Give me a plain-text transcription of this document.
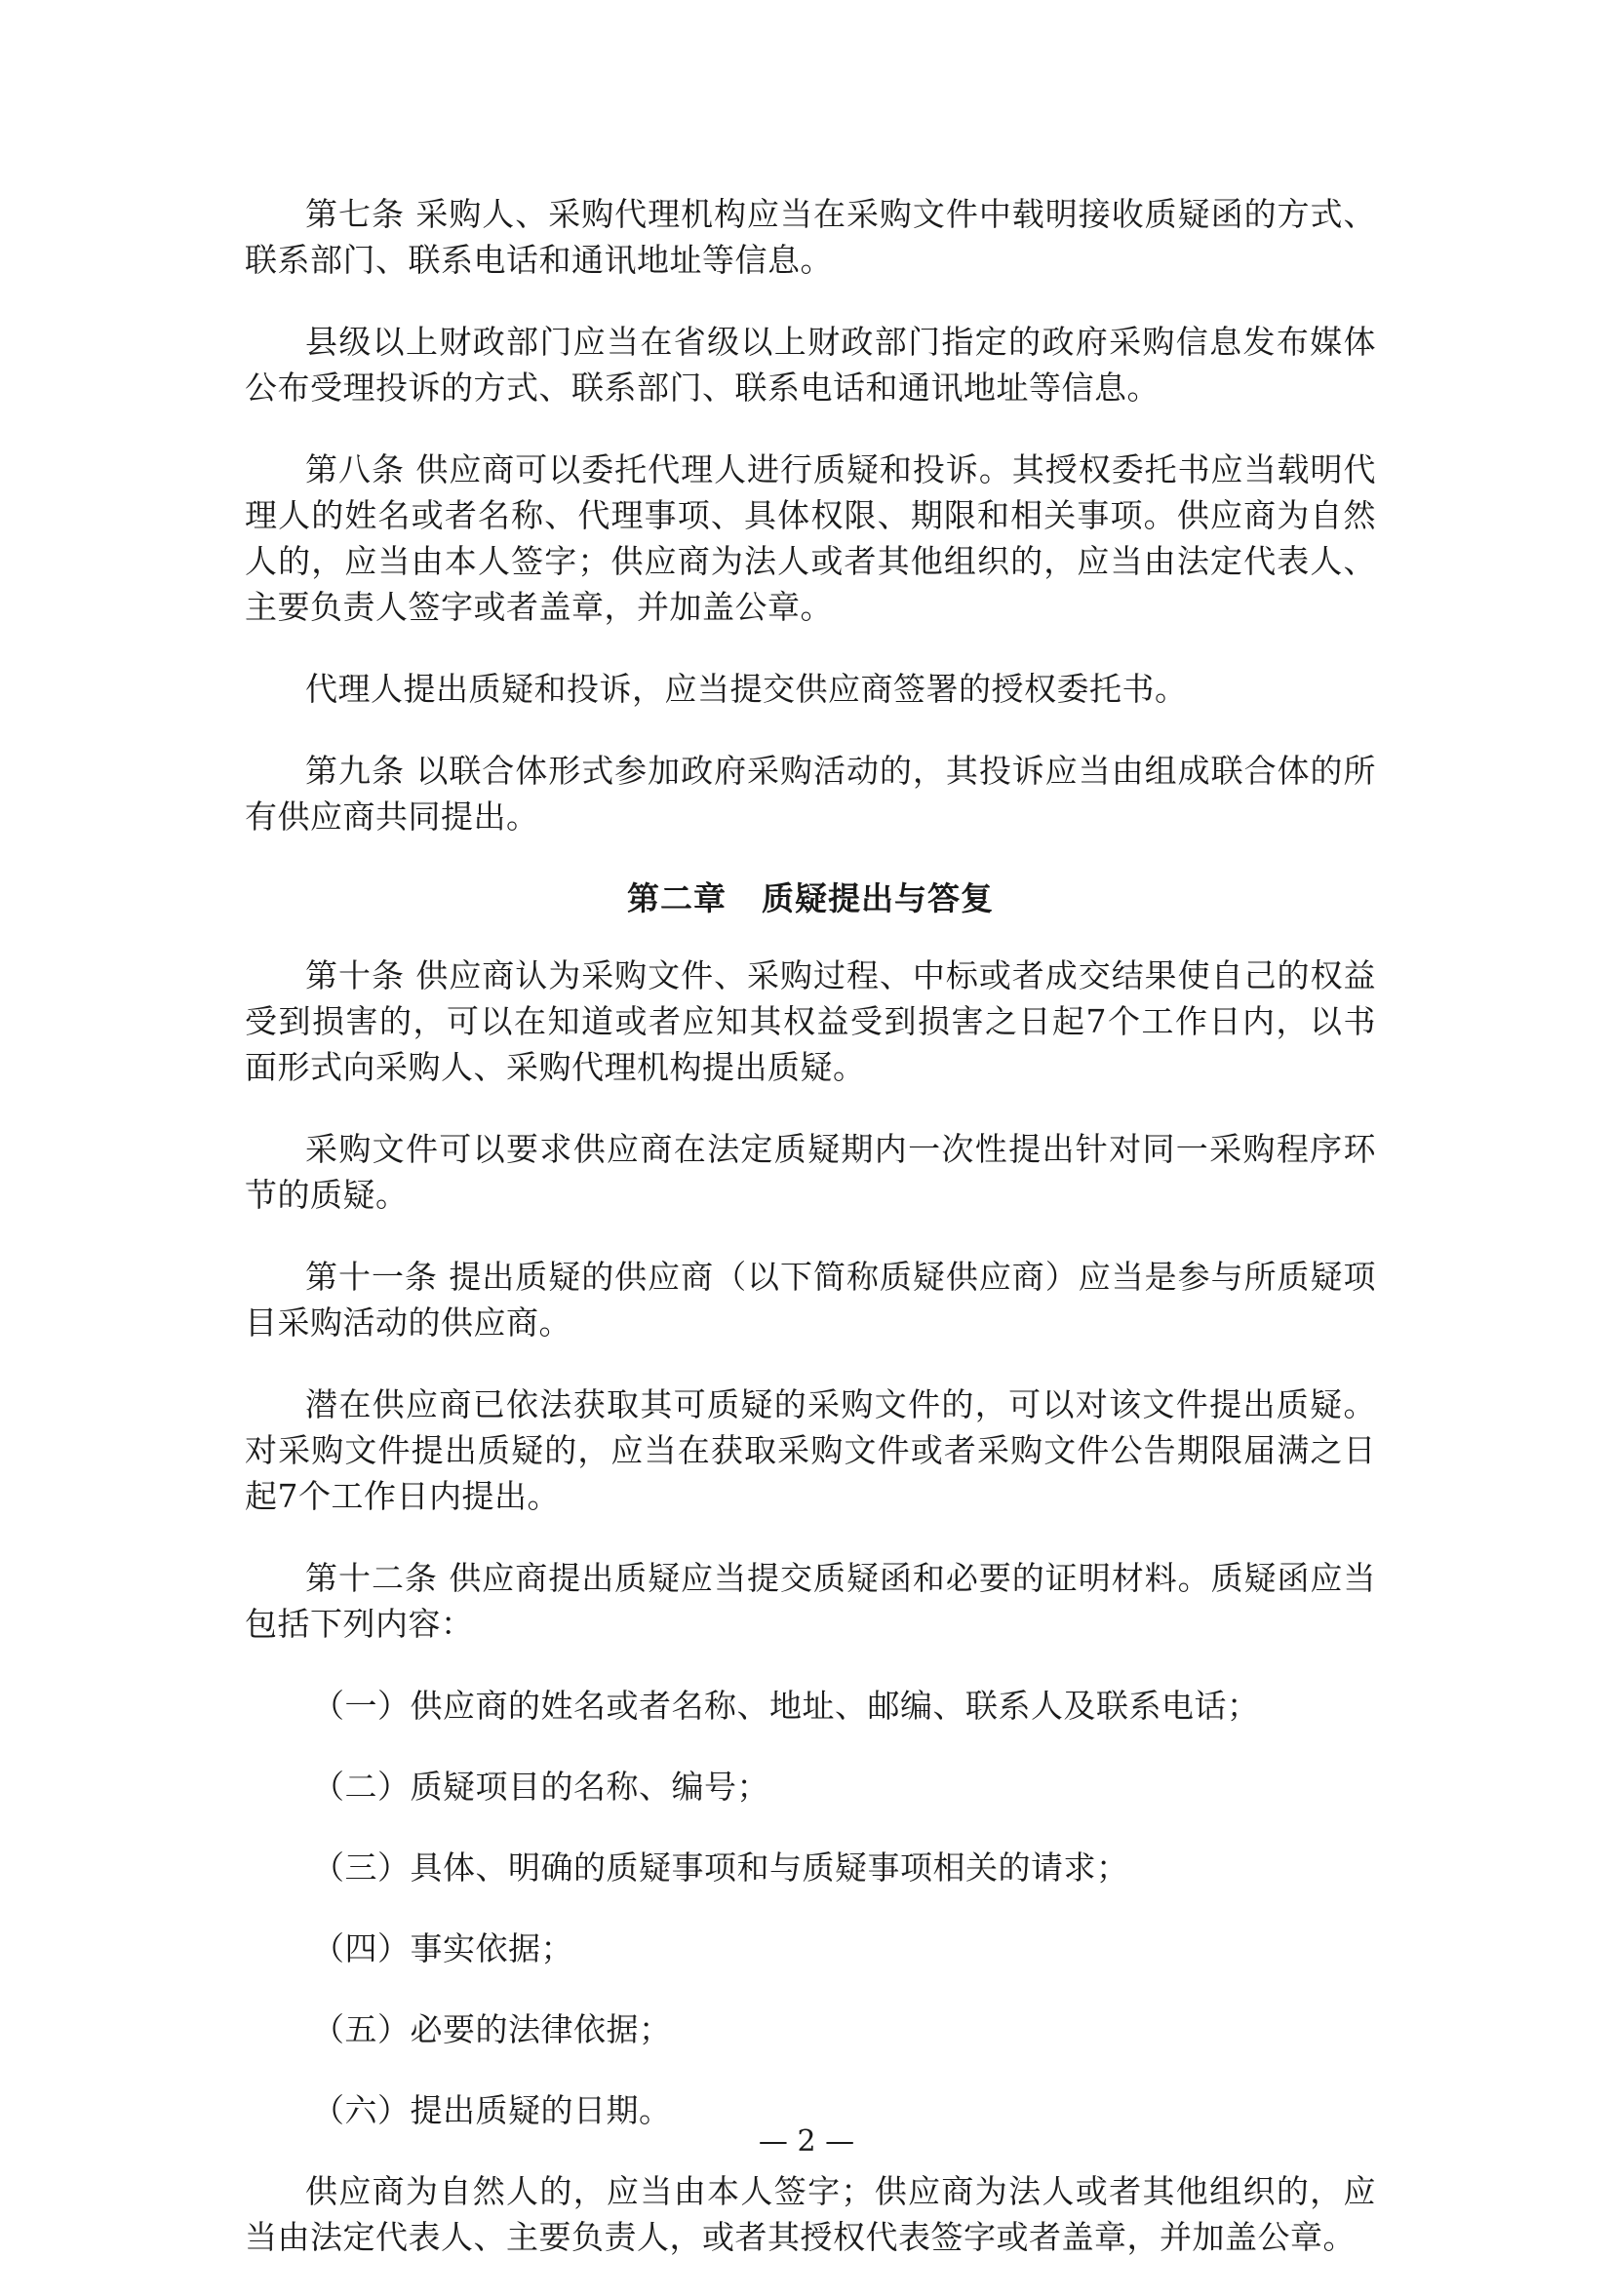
第七条 采购人、采购代理机构应当在采购文件中载明接收质疑函的方式、联系部门、联系电话和通讯地址等信息。

县级以上财政部门应当在省级以上财政部门指定的政府采购信息发布媒体公布受理投诉的方式、联系部门、联系电话和通讯地址等信息。

第八条 供应商可以委托代理人进行质疑和投诉。其授权委托书应当载明代理人的姓名或者名称、代理事项、具体权限、期限和相关事项。供应商为自然人的，应当由本人签字；供应商为法人或者其他组织的，应当由法定代表人、主要负责人签字或者盖章，并加盖公章。

代理人提出质疑和投诉，应当提交供应商签署的授权委托书。

第九条 以联合体形式参加政府采购活动的，其投诉应当由组成联合体的所有供应商共同提出。

第二章 质疑提出与答复

第十条 供应商认为采购文件、采购过程、中标或者成交结果使自己的权益受到损害的，可以在知道或者应知其权益受到损害之日起7个工作日内，以书面形式向采购人、采购代理机构提出质疑。

采购文件可以要求供应商在法定质疑期内一次性提出针对同一采购程序环节的质疑。

第十一条 提出质疑的供应商（以下简称质疑供应商）应当是参与所质疑项目采购活动的供应商。

潜在供应商已依法获取其可质疑的采购文件的，可以对该文件提出质疑。对采购文件提出质疑的，应当在获取采购文件或者采购文件公告期限届满之日起7个工作日内提出。

第十二条 供应商提出质疑应当提交质疑函和必要的证明材料。质疑函应当包括下列内容：

（一）供应商的姓名或者名称、地址、邮编、联系人及联系电话；

（二）质疑项目的名称、编号；

（三）具体、明确的质疑事项和与质疑事项相关的请求；

（四）事实依据；

（五）必要的法律依据；

（六）提出质疑的日期。

供应商为自然人的，应当由本人签字；供应商为法人或者其他组织的，应当由法定代表人、主要负责人，或者其授权代表签字或者盖章，并加盖公章。

— 2 —
